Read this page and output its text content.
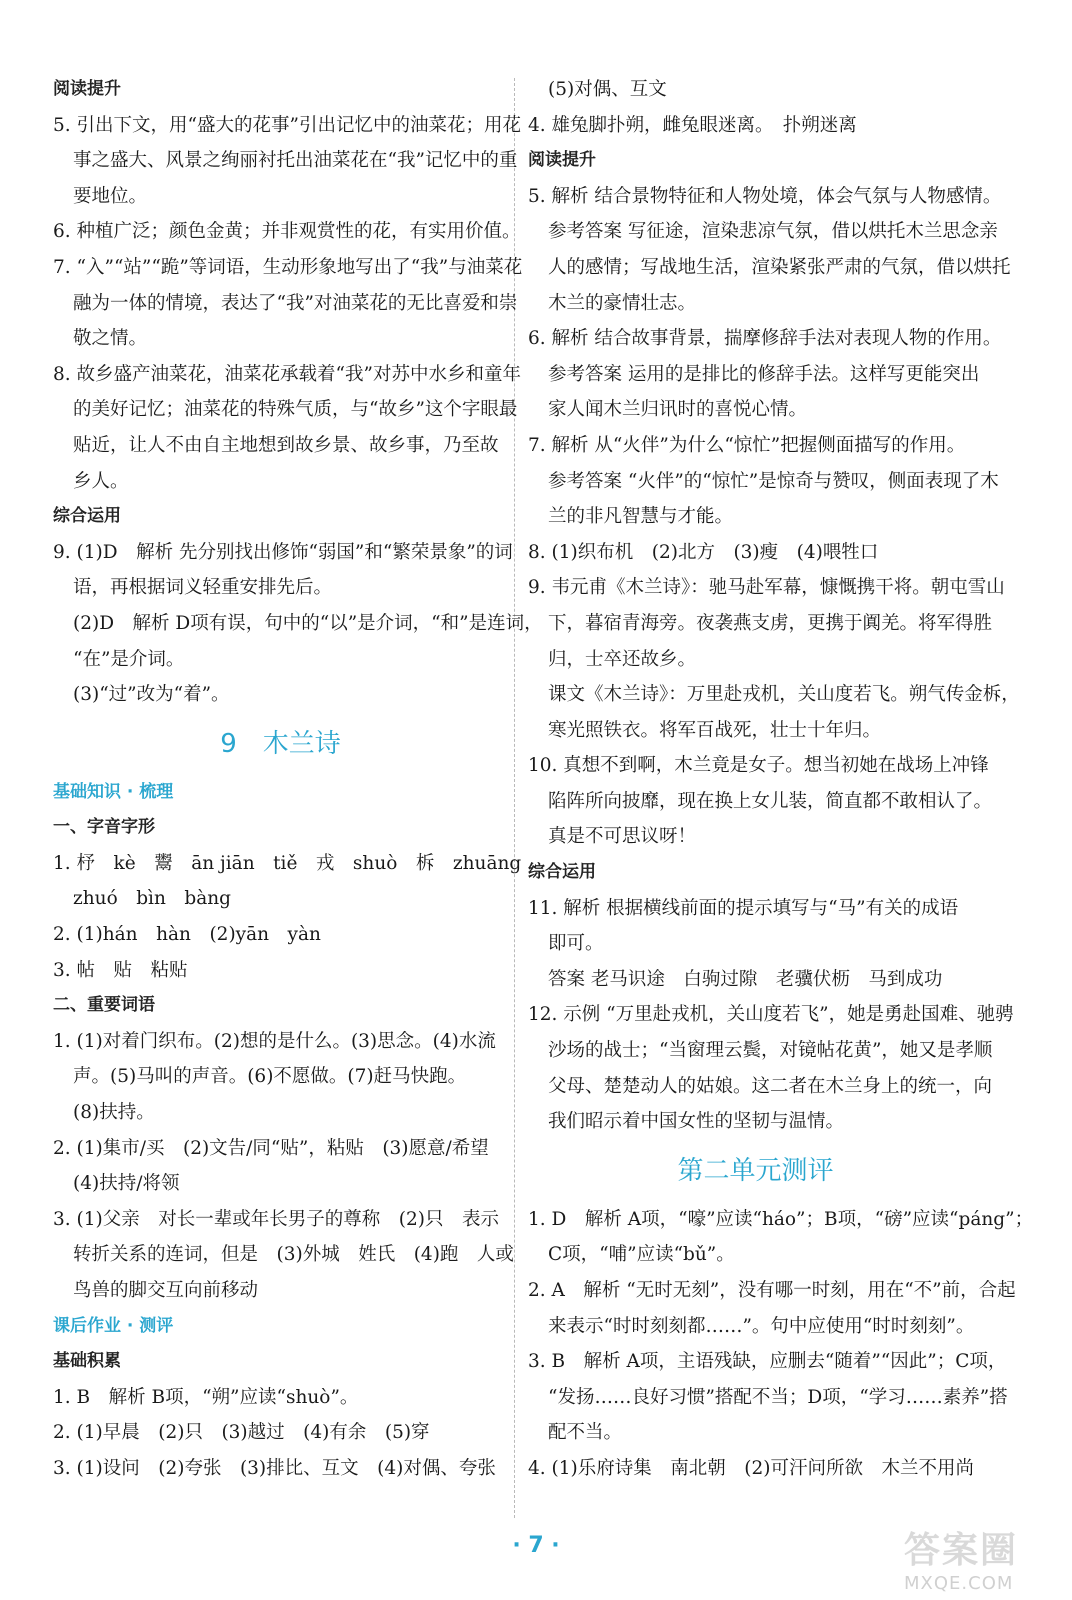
阅读提升
5. 引出下文，用“盛大的花事”引出记忆中的油菜花；用花
事之盛大、风景之绚丽衬托出油菜花在“我”记忆中的重
要地位。
6. 种植广泛；颜色金黄；并非观赏性的花，有实用价值。
7. “入”“站”“跪”等词语，生动形象地写出了“我”与油菜花
融为一体的情境，表达了“我”对油菜花的无比喜爱和崇
敬之情。
8. 故乡盛产油菜花，油菜花承载着“我”对苏中水乡和童年
的美好记忆；油菜花的特殊气质，与“故乡”这个字眼最
贴近，让人不由自主地想到故乡景、故乡事，乃至故
乡人。
综合运用
9. (1)D　解析 先分别找出修饰“弱国”和“繁荣景象”的词
语，再根据词义轻重安排先后。
(2)D　解析 D项有误，句中的“以”是介词，“和”是连词，
“在”是介词。
(3)“过”改为“着”。
9　木兰诗
基础知识 · 梳理
一、字音字形
1. 杼　kè　鬻　ān jiān　tiě　戎　shuò　柝　zhuāng
zhuó　bìn　bàng
2. (1)hán　hàn　(2)yān　yàn
3. 帖　贴　粘贴
二、重要词语
1. (1)对着门织布。(2)想的是什么。(3)思念。(4)水流
声。(5)马叫的声音。(6)不愿做。(7)赶马快跑。
(8)扶持。
2. (1)集市/买　(2)文告/同“贴”，粘贴　(3)愿意/希望
(4)扶持/将领
3. (1)父亲　对长一辈或年长男子的尊称　(2)只　表示
转折关系的连词，但是　(3)外城　姓氏　(4)跑　人或
鸟兽的脚交互向前移动
课后作业 · 测评
基础积累
1. B　解析 B项，“朔”应读“shuò”。
2. (1)早晨　(2)只　(3)越过　(4)有余　(5)穿
3. (1)设问　(2)夸张　(3)排比、互文　(4)对偶、夸张
(5)对偶、互文
4. 雄兔脚扑朔，雌兔眼迷离。　扑朔迷离
阅读提升
5. 解析 结合景物特征和人物处境，体会气氛与人物感情。
参考答案 写征途，渲染悲凉气氛，借以烘托木兰思念亲
人的感情；写战地生活，渲染紧张严肃的气氛，借以烘托
木兰的豪情壮志。
6. 解析 结合故事背景，揣摩修辞手法对表现人物的作用。
参考答案 运用的是排比的修辞手法。这样写更能突出
家人闻木兰归讯时的喜悦心情。
7. 解析 从“火伴”为什么“惊忙”把握侧面描写的作用。
参考答案 “火伴”的“惊忙”是惊奇与赞叹，侧面表现了木
兰的非凡智慧与才能。
8. (1)织布机　(2)北方　(3)瘦　(4)喂牲口
9. 韦元甫《木兰诗》：驰马赴军幕，慷慨携干将。朝屯雪山
下，暮宿青海旁。夜袭燕支虏，更携于阗羌。将军得胜
归，士卒还故乡。
课文《木兰诗》：万里赴戎机，关山度若飞。朔气传金柝，
寒光照铁衣。将军百战死，壮士十年归。
10. 真想不到啊，木兰竟是女子。想当初她在战场上冲锋
陷阵所向披靡，现在换上女儿装，简直都不敢相认了。
真是不可思议呀！
综合运用
11. 解析 根据横线前面的提示填写与“马”有关的成语
即可。
答案 老马识途　白驹过隙　老骥伏枥　马到成功
12. 示例 “万里赴戎机，关山度若飞”，她是勇赴国难、驰骋
沙场的战士；“当窗理云鬓，对镜帖花黄”，她又是孝顺
父母、楚楚动人的姑娘。这二者在木兰身上的统一，向
我们昭示着中国女性的坚韧与温情。
第二单元测评
1. D　解析 A项，“嚎”应读“háo”；B项，“磅”应读“páng”；
C项，“哺”应读“bǔ”。
2. A　解析 “无时无刻”，没有哪一时刻，用在“不”前，合起
来表示“时时刻刻都……”。句中应使用“时时刻刻”。
3. B　解析 A项，主语残缺，应删去“随着”“因此”；C项，
“发扬……良好习惯”搭配不当；D项，“学习……素养”搭
配不当。
4. (1)乐府诗集　南北朝　(2)可汗问所欲　木兰不用尚
· 7 ·	答案圈
MXQE.COM
